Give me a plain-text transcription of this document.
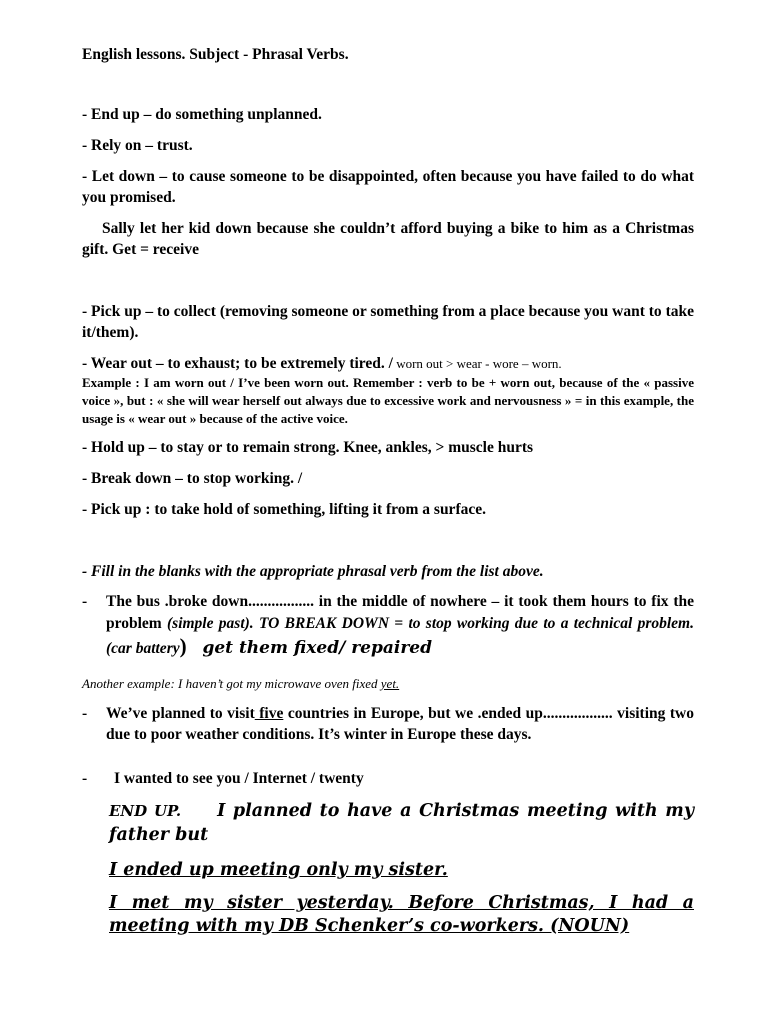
English lessons. Subject - Phrasal Verbs.
- End up – do something unplanned.
- Rely on – trust.
- Let down – to cause someone to be disappointed, often because you have failed to do what you promised.
Sally let her kid down because she couldn’t afford buying a bike to him as a Christmas gift. Get = receive
- Pick up – to collect (removing someone or something from a place because you want to take it/them).
- Wear out – to exhaust; to be extremely tired. / worn out > wear - wore – worn.
Example : I am worn out / I’ve been worn out. Remember : verb to be + worn out, because of the « passive voice », but : « she will wear herself out always due to excessive work and nervousness » = in this example, the usage is « wear out » because of the active voice.
- Hold up – to stay or to remain strong. Knee, ankles, > muscle hurts
- Break down – to stop working. /
- Pick up : to take hold of something, lifting it from a surface.
- Fill in the blanks with the appropriate phrasal verb from the list above.
- The bus .broke down................. in the middle of nowhere – it took them hours to fix the problem (simple past). TO BREAK DOWN = to stop working due to a technical problem. (car battery) get them fixed/ repaired
Another example: I haven’t got my microwave oven fixed yet.
- We’ve planned to visit five countries in Europe, but we .ended up.................. visiting two due to poor weather conditions. It’s winter in Europe these days.
- I wanted to see you / Internet / twenty
END UP. I planned to have a Christmas meeting with my father but
I ended up meeting only my sister.
I met my sister yesterday. Before Christmas, I had a meeting with my DB Schenker’s co-workers. (NOUN)
